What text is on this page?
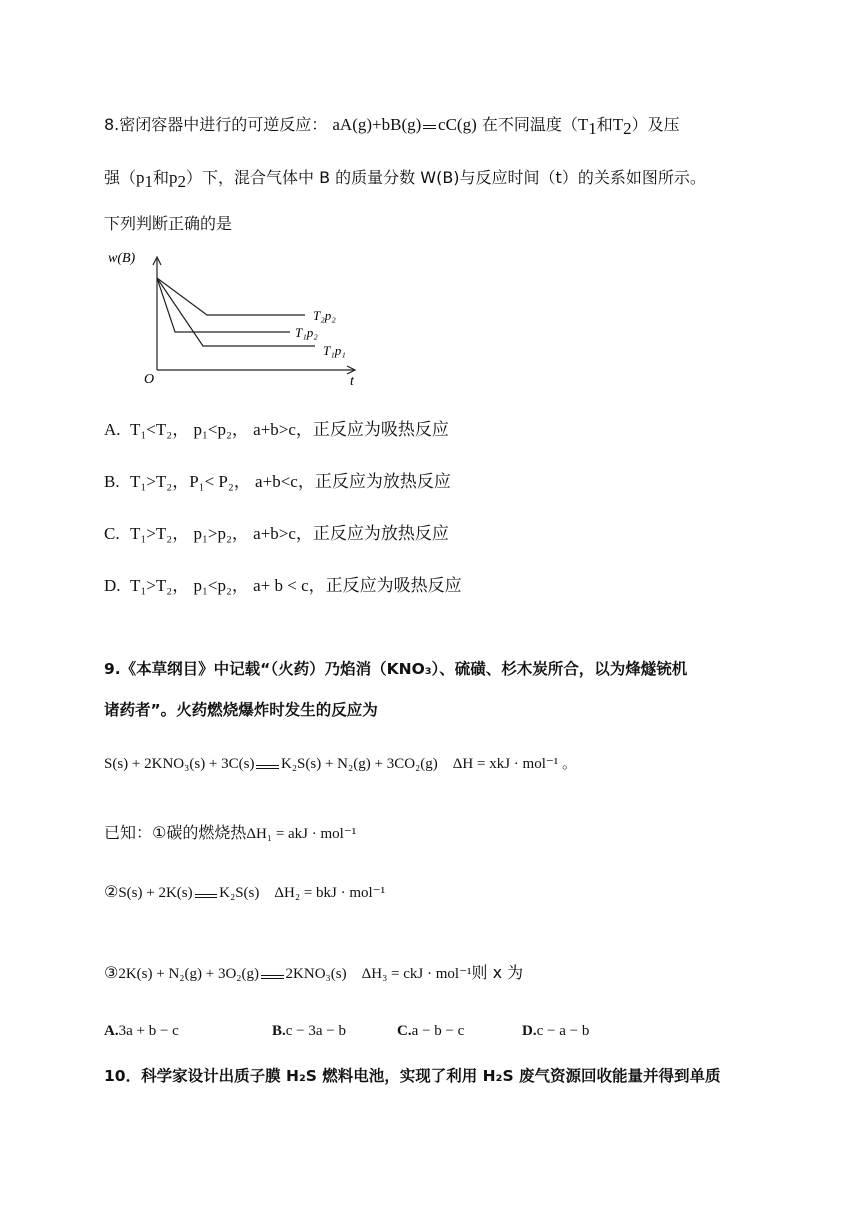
8.密闭容器中进行的可逆反应： aA(g)+bB(g) cC(g) 在不同温度（$T_1$和$T_2$）及压
强（$p_1$和$p_2$）下，混合气体中 B 的质量分数 W(B)与反应时间（t）的关系如图所示。
下列判断正确的是
w(B)
O	t
T₂p₂
T₁p₂
T₁p₁
A. T₁<T₂， p₁<p₂， a+b>c，正反应为吸热反应
B. T₁>T₂，P₁< P₂， a+b<c，正反应为放热反应
C. T₁>T₂， p₁>p₂， a+b>c，正反应为放热反应
D. T₁>T₂， p₁<p₂， a+ b < c，正反应为吸热反应
9.《本草纲目》中记载“（火药）乃焰消（KNO₃）、硫磺、杉木炭所合，以为烽燧铳机
诸药者”。火药燃烧爆炸时发生的反应为
S(s) + 2KNO₃(s) + 3C(s) K₂S(s) + N₂(g) + 3CO₂(g) ΔH = xkJ · mol⁻¹ 。
已知：①碳的燃烧热ΔH₁ = akJ · mol⁻¹
②S(s) + 2K(s) K₂S(s) ΔH₂ = bkJ · mol⁻¹
③2K(s) + N₂(g) + 3O₂(g) 2KNO₃(s) ΔH₃ = ckJ · mol⁻¹则 x 为
A.3a + b − c	B.c − 3a − b	C.a − b − c	D.c − a − b
10．科学家设计出质子膜 H₂S 燃料电池，实现了利用 H₂S 废气资源回收能量并得到单质
